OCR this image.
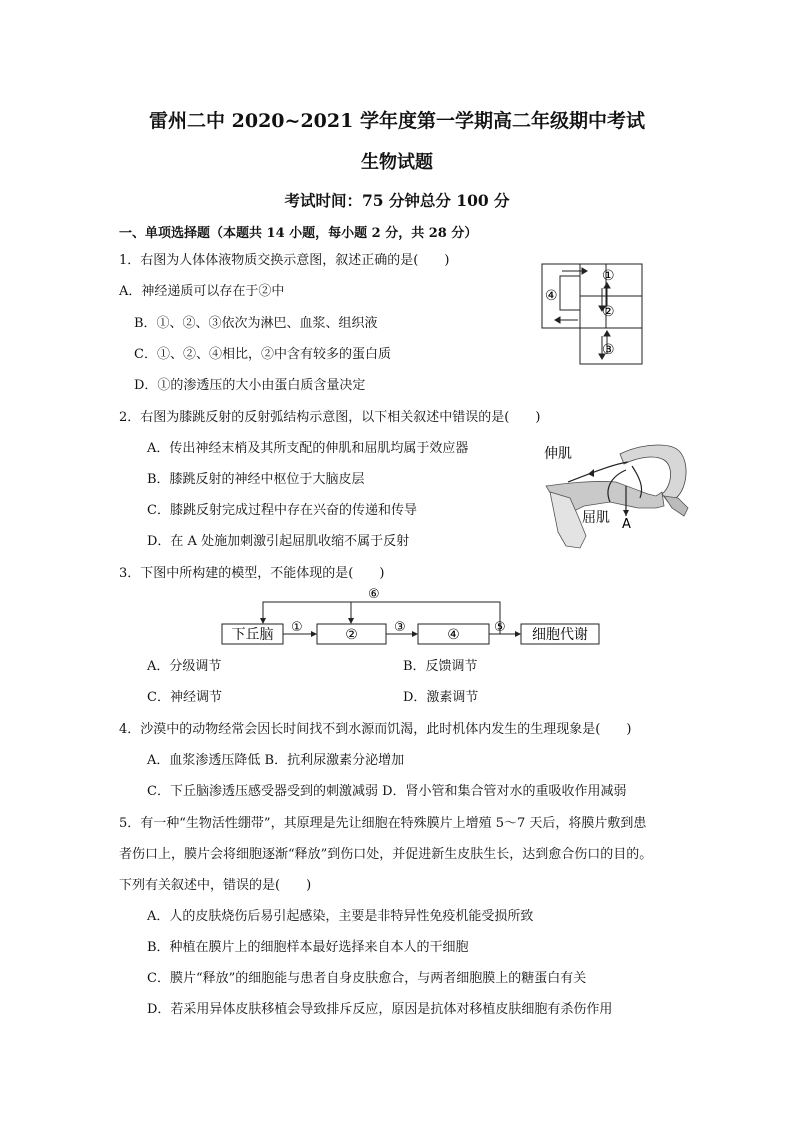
雷州二中 2020~2021 学年度第一学期高二年级期中考试
生物试题
考试时间：75 分钟总分 100 分
一、单项选择题（本题共 14 小题，每小题 2 分，共 28 分）
1．右图为人体体液物质交换示意图，叙述正确的是(　　)
A．神经递质可以存在于②中
B．①、②、③依次为淋巴、血浆、组织液
C．①、②、④相比，②中含有较多的蛋白质
D．①的渗透压的大小由蛋白质含量决定
④
①
②
③
2．右图为膝跳反射的反射弧结构示意图，以下相关叙述中错误的是(　　)
A．传出神经末梢及其所支配的伸肌和屈肌均属于效应器
B．膝跳反射的神经中枢位于大脑皮层
C．膝跳反射完成过程中存在兴奋的传递和传导
D．在 A 处施加刺激引起屈肌收缩不属于反射
伸肌
屈肌 A
3．下图中所构建的模型，不能体现的是(　　)
下丘脑	②	④	细胞代谢
①	③	⑤
⑥
A．分级调节	B．反馈调节
C．神经调节	D．激素调节
4．沙漠中的动物经常会因长时间找不到水源而饥渴，此时机体内发生的生理现象是(　　)
A．血浆渗透压降低 B．抗利尿激素分泌增加
C．下丘脑渗透压感受器受到的刺激减弱 D．肾小管和集合管对水的重吸收作用减弱
5．有一种“生物活性绷带”，其原理是先让细胞在特殊膜片上增殖 5～7 天后，将膜片敷到患
者伤口上，膜片会将细胞逐渐“释放”到伤口处，并促进新生皮肤生长，达到愈合伤口的目的。
下列有关叙述中，错误的是(　　)
A．人的皮肤烧伤后易引起感染，主要是非特异性免疫机能受损所致
B．种植在膜片上的细胞样本最好选择来自本人的干细胞
C．膜片“释放”的细胞能与患者自身皮肤愈合，与两者细胞膜上的糖蛋白有关
D．若采用异体皮肤移植会导致排斥反应，原因是抗体对移植皮肤细胞有杀伤作用
